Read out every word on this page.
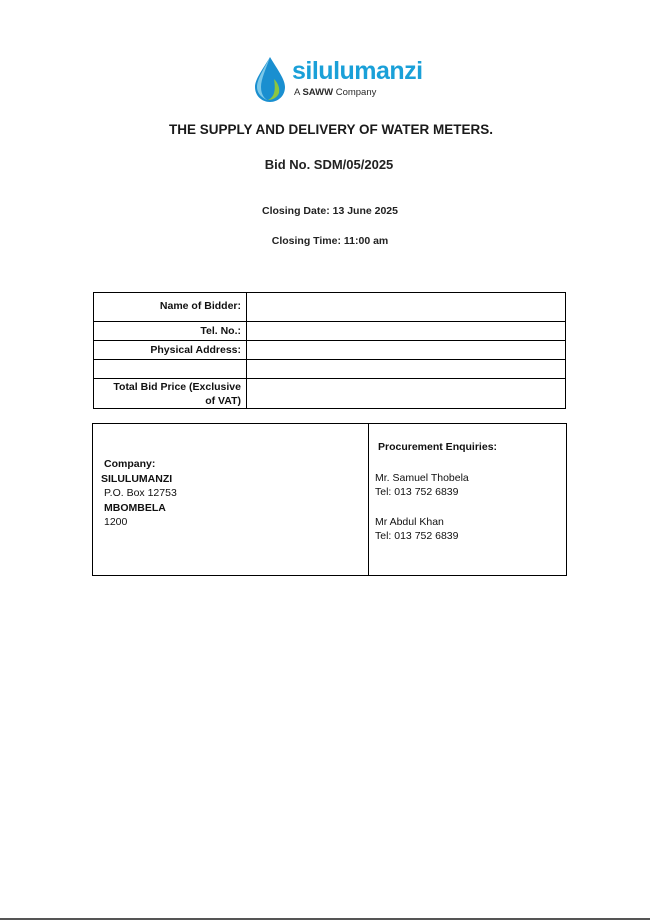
silulumanzi
A SAWW Company
THE SUPPLY AND DELIVERY OF WATER METERS.
Bid No. SDM/05/2025
Closing Date: 13 June 2025
Closing Time: 11:00 am
Name of Bidder:	
Tel. No.:	
Physical Address:	

Total Bid Price (Exclusive
of VAT)	
Company:
SILULUMANZI
P.O. Box 12753
MBOMBELA
1200
Procurement Enquiries:
Mr. Samuel Thobela
Tel: 013 752 6839
Mr Abdul Khan
Tel: 013 752 6839
